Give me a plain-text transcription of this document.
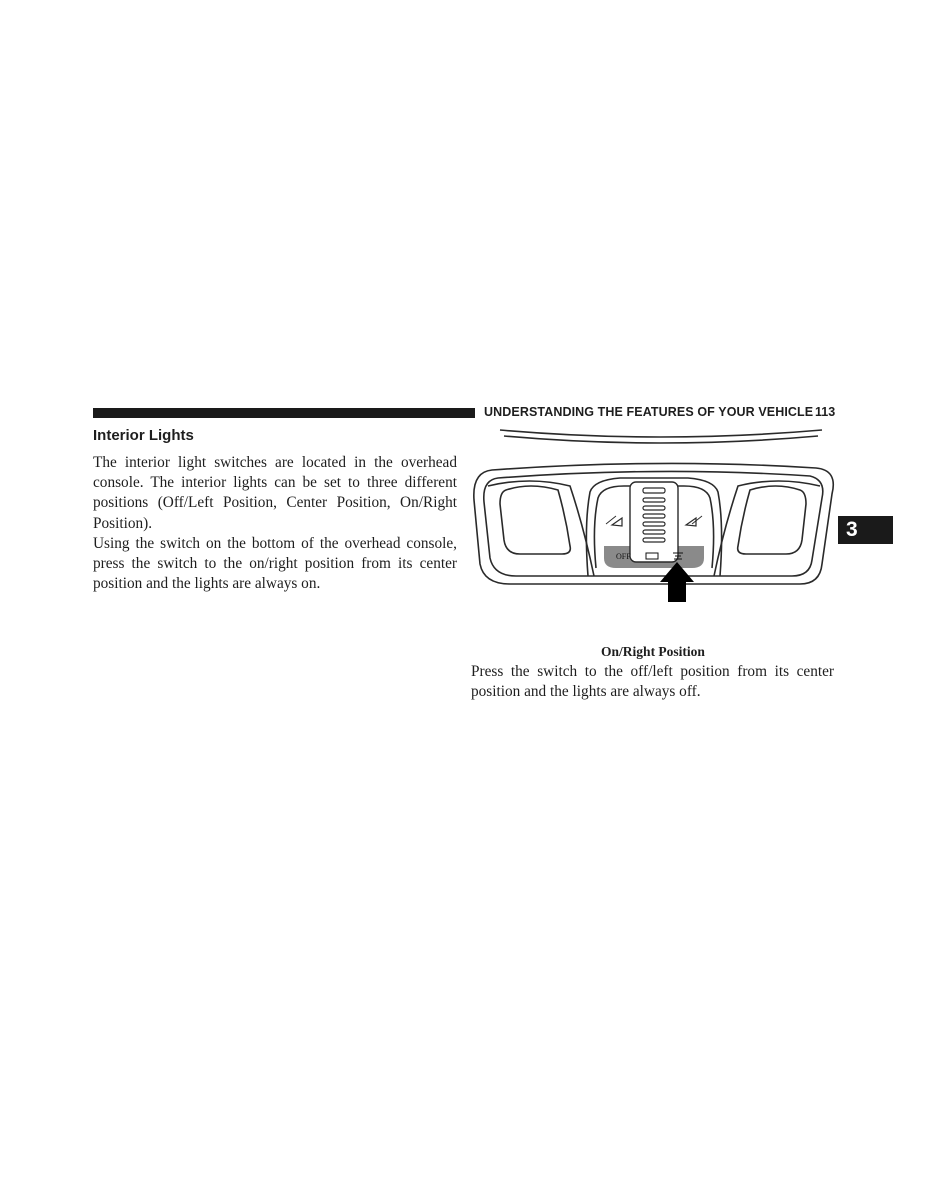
UNDERSTANDING THE FEATURES OF YOUR VEHICLE 113
Interior Lights

The interior light switches are located in the overhead console. The interior lights can be set to three different positions (Off/Left Position, Center Position, On/Right Position).

Using the switch on the bottom of the overhead console, press the switch to the on/right position from its center position and the lights are always on.

OFF

On/Right Position

Press the switch to the off/left position from its center position and the lights are always off.

3
